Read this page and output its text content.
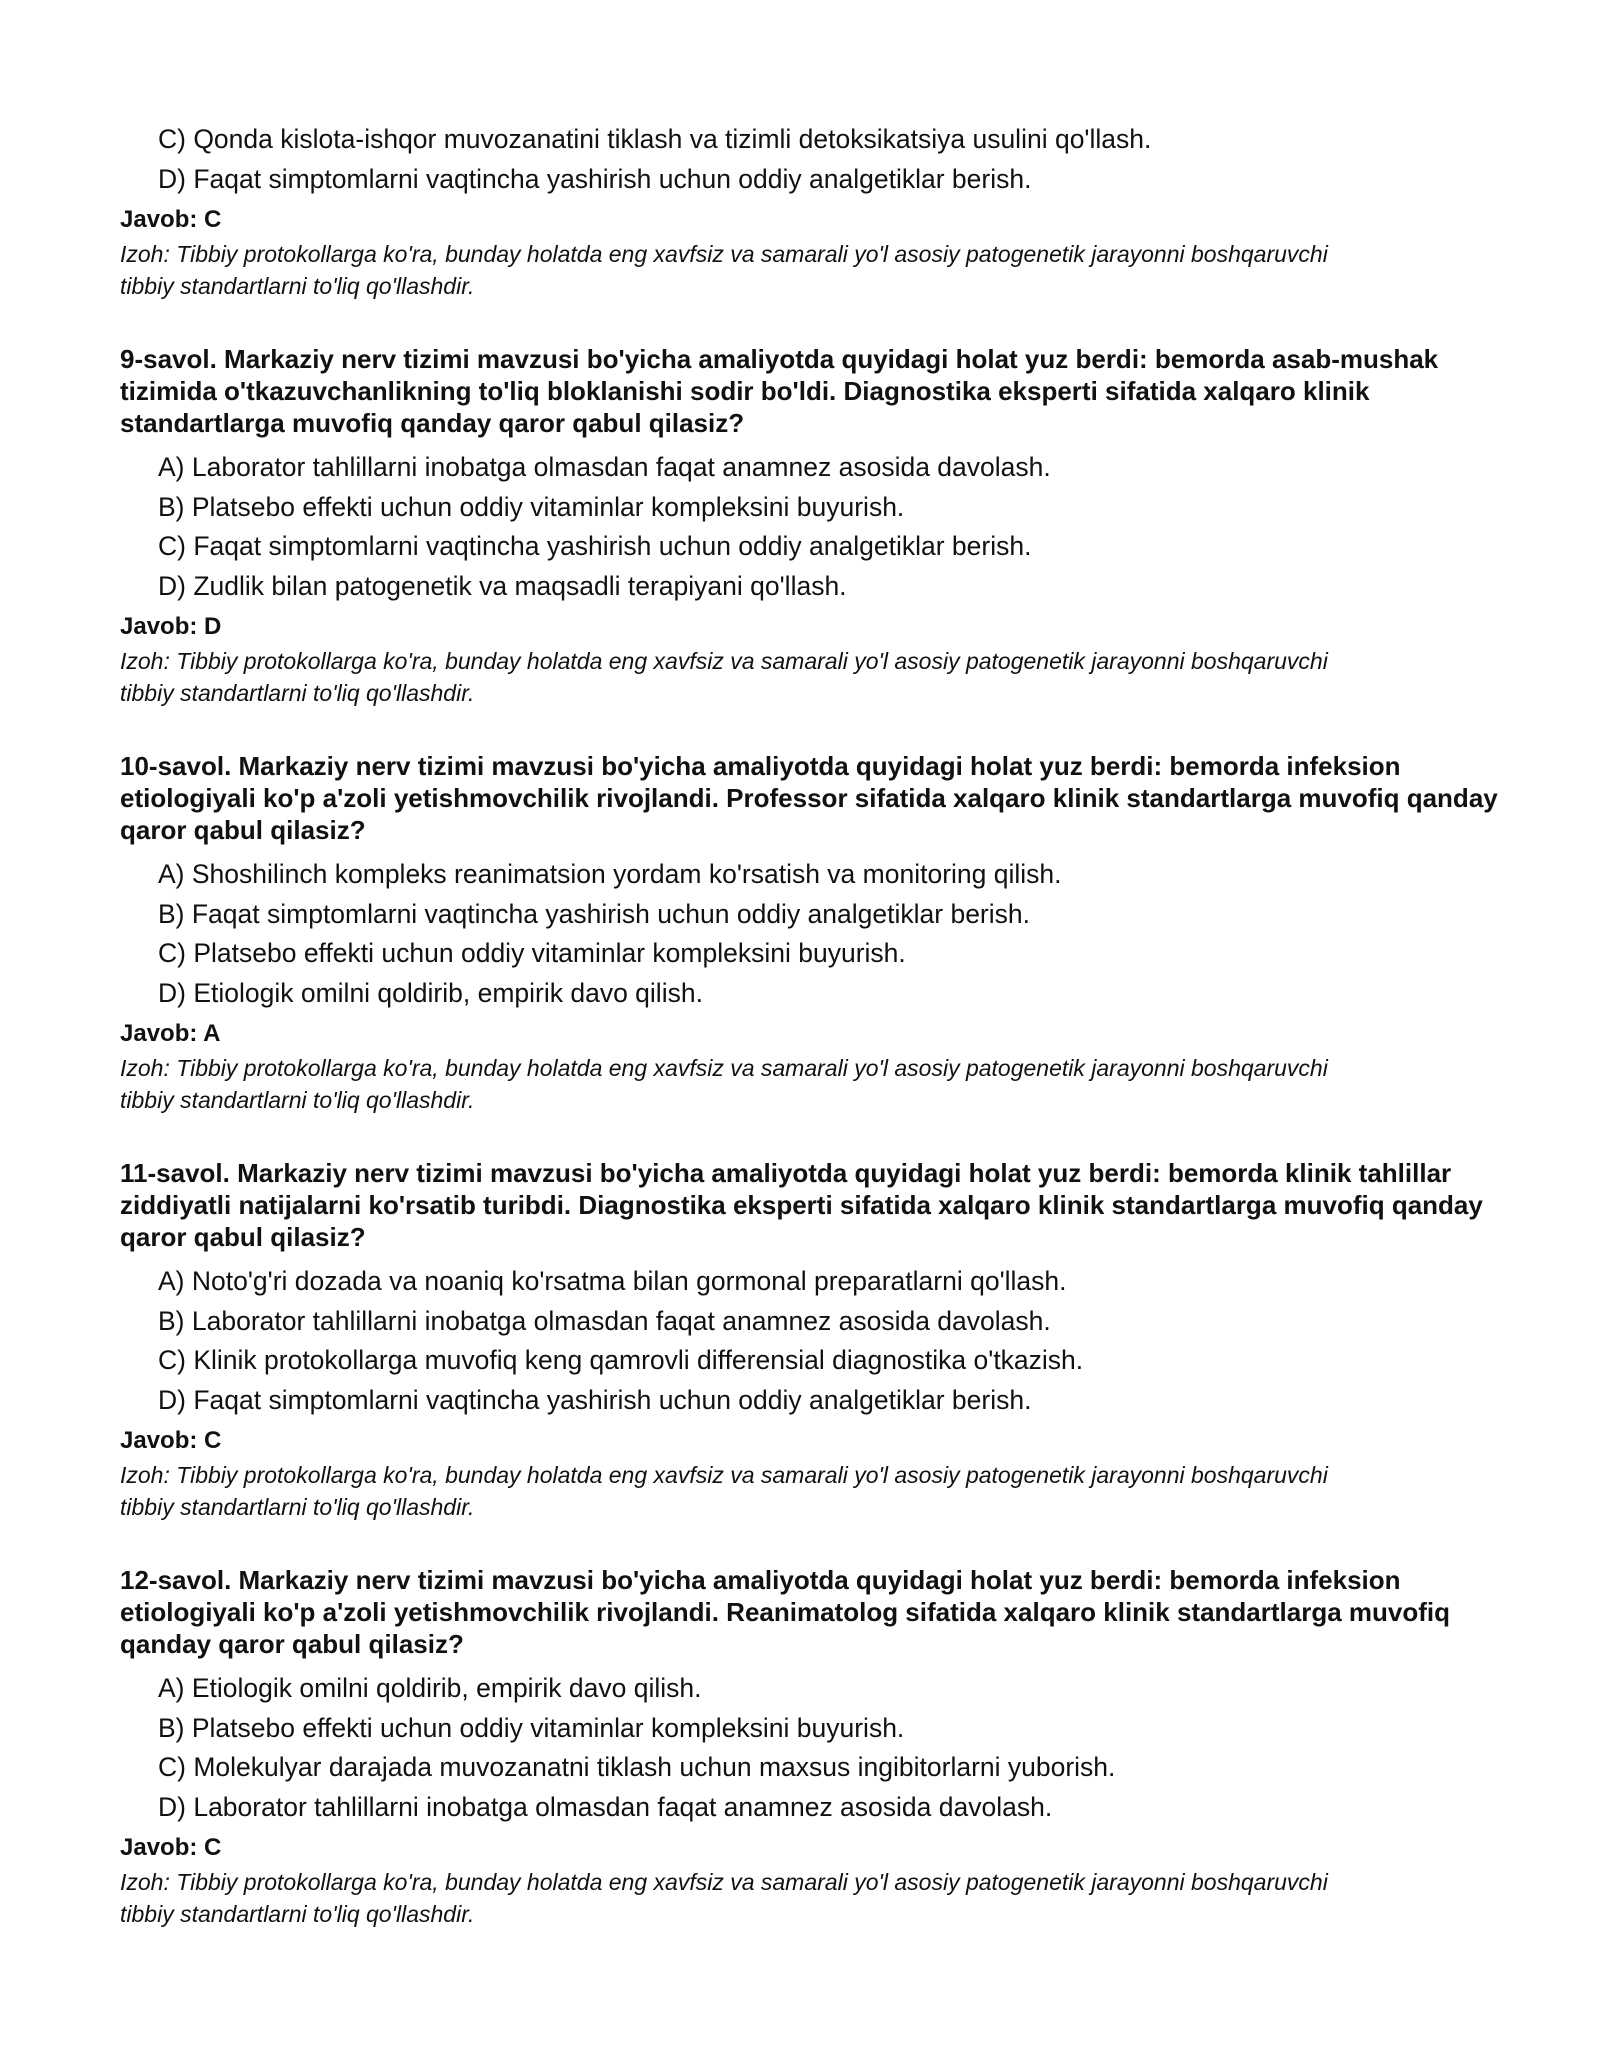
C) Qonda kislota-ishqor muvozanatini tiklash va tizimli detoksikatsiya usulini qo'llash.
D) Faqat simptomlarni vaqtincha yashirish uchun oddiy analgetiklar berish.
Javob: C
Izoh: Tibbiy protokollarga ko'ra, bunday holatda eng xavfsiz va samarali yo'l asosiy patogenetik jarayonni boshqaruvchi tibbiy standartlarni to'liq qo'llashdir.
9-savol. Markaziy nerv tizimi mavzusi bo'yicha amaliyotda quyidagi holat yuz berdi: bemorda asab-mushak tizimida o'tkazuvchanlikning to'liq bloklanishi sodir bo'ldi. Diagnostika eksperti sifatida xalqaro klinik standartlarga muvofiq qanday qaror qabul qilasiz?
A) Laborator tahlillarni inobatga olmasdan faqat anamnez asosida davolash.
B) Platsebo effekti uchun oddiy vitaminlar kompleksini buyurish.
C) Faqat simptomlarni vaqtincha yashirish uchun oddiy analgetiklar berish.
D) Zudlik bilan patogenetik va maqsadli terapiyani qo'llash.
Javob: D
Izoh: Tibbiy protokollarga ko'ra, bunday holatda eng xavfsiz va samarali yo'l asosiy patogenetik jarayonni boshqaruvchi tibbiy standartlarni to'liq qo'llashdir.
10-savol. Markaziy nerv tizimi mavzusi bo'yicha amaliyotda quyidagi holat yuz berdi: bemorda infeksion etiologiyali ko'p a'zoli yetishmovchilik rivojlandi. Professor sifatida xalqaro klinik standartlarga muvofiq qanday qaror qabul qilasiz?
A) Shoshilinch kompleks reanimatsion yordam ko'rsatish va monitoring qilish.
B) Faqat simptomlarni vaqtincha yashirish uchun oddiy analgetiklar berish.
C) Platsebo effekti uchun oddiy vitaminlar kompleksini buyurish.
D) Etiologik omilni qoldirib, empirik davo qilish.
Javob: A
Izoh: Tibbiy protokollarga ko'ra, bunday holatda eng xavfsiz va samarali yo'l asosiy patogenetik jarayonni boshqaruvchi tibbiy standartlarni to'liq qo'llashdir.
11-savol. Markaziy nerv tizimi mavzusi bo'yicha amaliyotda quyidagi holat yuz berdi: bemorda klinik tahlillar ziddiyatli natijalarni ko'rsatib turibdi. Diagnostika eksperti sifatida xalqaro klinik standartlarga muvofiq qanday qaror qabul qilasiz?
A) Noto'g'ri dozada va noaniq ko'rsatma bilan gormonal preparatlarni qo'llash.
B) Laborator tahlillarni inobatga olmasdan faqat anamnez asosida davolash.
C) Klinik protokollarga muvofiq keng qamrovli differensial diagnostika o'tkazish.
D) Faqat simptomlarni vaqtincha yashirish uchun oddiy analgetiklar berish.
Javob: C
Izoh: Tibbiy protokollarga ko'ra, bunday holatda eng xavfsiz va samarali yo'l asosiy patogenetik jarayonni boshqaruvchi tibbiy standartlarni to'liq qo'llashdir.
12-savol. Markaziy nerv tizimi mavzusi bo'yicha amaliyotda quyidagi holat yuz berdi: bemorda infeksion etiologiyali ko'p a'zoli yetishmovchilik rivojlandi. Reanimatolog sifatida xalqaro klinik standartlarga muvofiq qanday qaror qabul qilasiz?
A) Etiologik omilni qoldirib, empirik davo qilish.
B) Platsebo effekti uchun oddiy vitaminlar kompleksini buyurish.
C) Molekulyar darajada muvozanatni tiklash uchun maxsus ingibitorlarni yuborish.
D) Laborator tahlillarni inobatga olmasdan faqat anamnez asosida davolash.
Javob: C
Izoh: Tibbiy protokollarga ko'ra, bunday holatda eng xavfsiz va samarali yo'l asosiy patogenetik jarayonni boshqaruvchi tibbiy standartlarni to'liq qo'llashdir.
